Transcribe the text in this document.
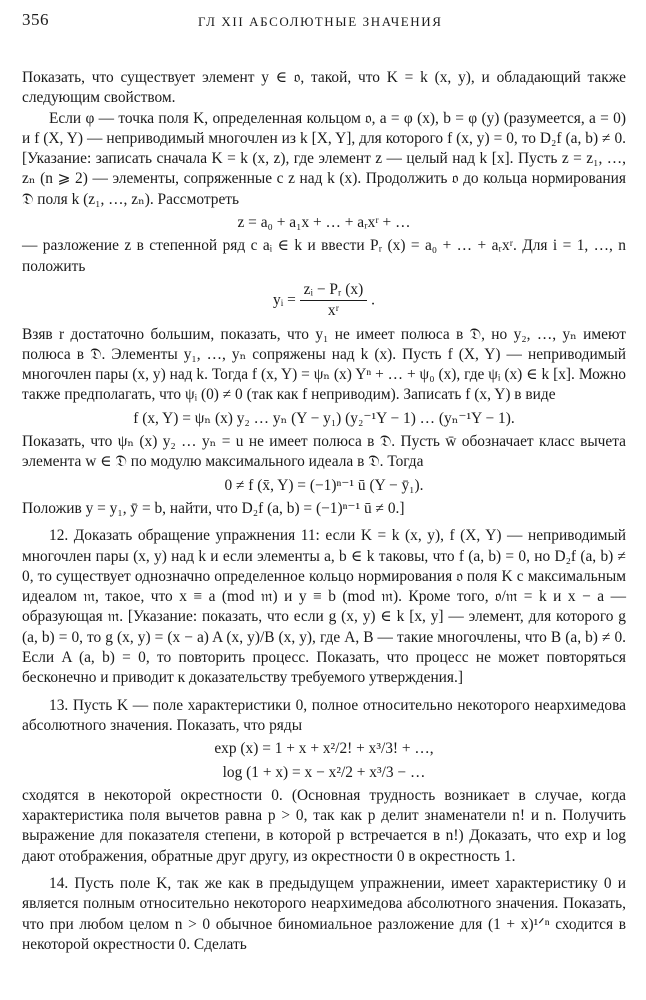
356	ГЛ XII АБСОЛЮТНЫЕ ЗНАЧЕНИЯ

Показать, что существует элемент y ∈ 𝔬, такой, что K = k (x, y), и обладающий также следующим свойством.

Если φ — точка поля K, определенная кольцом 𝔬, a = φ (x), b = φ (y) (разумеется, a = 0) и f (X, Y) — неприводимый многочлен из k [X, Y], для которого f (x, y) = 0, то D₂f (a, b) ≠ 0. [Указание: записать сначала K = k (x, z), где элемент z — целый над k [x]. Пусть z = z₁, …, zₙ (n ⩾ 2) — элементы, сопряженные с z над k (x). Продолжить 𝔬 до кольца нормирования 𝔇 поля k (z₁, …, zₙ). Рассмотреть

z = a₀ + a₁x + … + aᵣxʳ + …

— разложение z в степенной ряд с aᵢ ∈ k и ввести Pᵣ (x) = a₀ + … + aᵣxʳ. Для i = 1, …, n положить

yᵢ = $\frac{\text{zᵢ − Pᵣ (x)}}{\text{xʳ}}$ .

Взяв r достаточно большим, показать, что y₁ не имеет полюса в 𝔇, но y₂, …, yₙ имеют полюса в 𝔇. Элементы y₁, …, yₙ сопряжены над k (x). Пусть f (X, Y) — неприводимый многочлен пары (x, y) над k. Тогда f (x, Y) = ψₙ (x) Yⁿ + … + ψ₀ (x), где ψᵢ (x) ∈ k [x]. Можно также предполагать, что ψᵢ (0) ≠ 0 (так как f неприводим). Записать f (x, Y) в виде

f (x, Y) = ψₙ (x) y₂ … yₙ (Y − y₁) (y₂⁻¹Y − 1) … (yₙ⁻¹Y − 1).

Показать, что ψₙ (x) y₂ … yₙ = u не имеет полюса в 𝔇. Пусть w̄ обозначает класс вычета элемента w ∈ 𝔇 по модулю максимального идеала в 𝔇. Тогда

0 ≠ f (x̄, Y) = (−1)ⁿ⁻¹ ū (Y − ȳ₁).

Положив y = y₁, ȳ = b, найти, что D₂f (a, b) = (−1)ⁿ⁻¹ ū ≠ 0.]

12. Доказать обращение упражнения 11: если K = k (x, y), f (X, Y) — неприводимый многочлен пары (x, y) над k и если элементы a, b ∈ k таковы, что f (a, b) = 0, но D₂f (a, b) ≠ 0, то существует однозначно определенное кольцо нормирования 𝔬 поля K с максимальным идеалом 𝔪, такое, что x ≡ a (mod 𝔪) и y ≡ b (mod 𝔪). Кроме того, 𝔬/𝔪 = k и x − a — образующая 𝔪. [Указание: показать, что если g (x, y) ∈ k [x, y] — элемент, для которого g (a, b) = 0, то g (x, y) = (x − a) A (x, y)/B (x, y), где A, B — такие многочлены, что B (a, b) ≠ 0. Если A (a, b) = 0, то повторить процесс. Показать, что процесс не может повторяться бесконечно и приводит к доказательству требуемого утверждения.]

13. Пусть K — поле характеристики 0, полное относительно некоторого неархимедова абсолютного значения. Показать, что ряды

exp (x) = 1 + x + x²/2! + x³/3! + …,
log (1 + x) = x − x²/2 + x³/3 − …

сходятся в некоторой окрестности 0. (Основная трудность возникает в случае, когда характеристика поля вычетов равна p > 0, так как p делит знаменатели n! и n. Получить выражение для показателя степени, в которой p встречается в n!) Доказать, что exp и log дают отображения, обратные друг другу, из окрестности 0 в окрестность 1.

14. Пусть поле K, так же как в предыдущем упражнении, имеет характеристику 0 и является полным относительно некоторого неархимедова абсолютного значения. Показать, что при любом целом n > 0 обычное биномиальное разложение для (1 + x)¹ᐟⁿ сходится в некоторой окрестности 0. Сделать
